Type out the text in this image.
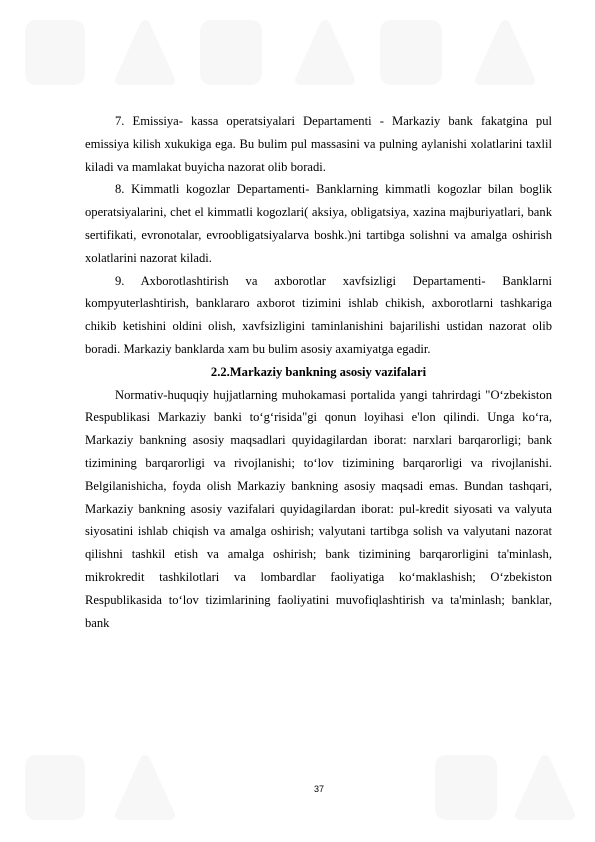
7. Emissiya- kassa operatsiyalari Departamenti - Markaziy bank fakatgina pul emissiya kilish xukukiga ega. Bu bulim pul massasini va pulning aylanishi xolatlarini taxlil kiladi va mamlakat buyicha nazorat olib boradi.

8. Kimmatli kogozlar Departamenti- Banklarning kimmatli kogozlar bilan boglik operatsiyalarini, chet el kimmatli kogozlari( aksiya, obligatsiya, xazina majburiyatlari, bank sertifikati, evronotalar, evroobligatsiyalarva boshk.)ni tartibga solishni va amalga oshirish xolatlarini nazorat kiladi.

9. Axborotlashtirish va axborotlar xavfsizligi Departamenti- Banklarni kompyuterlashtirish, banklararo axborot tizimini ishlab chikish, axborotlarni tashkariga chikib ketishini oldini olish, xavfsizligini taminlanishini bajarilishi ustidan nazorat olib boradi. Markaziy banklarda xam bu bulim asosiy axamiyatga egadir.

2.2.Markaziy bankning asosiy vazifalari

Normativ-huquqiy hujjatlarning muhokamasi portalida yangi tahrirdagi "O‘zbekiston Respublikasi Markaziy banki to‘g‘risida"gi qonun loyihasi e'lon qilindi. Unga ko‘ra, Markaziy bankning asosiy maqsadlari quyidagilardan iborat: narxlari barqarorligi; bank tizimining barqarorligi va rivojlanishi; to‘lov tizimining barqarorligi va rivojlanishi. Belgilanishicha, foyda olish Markaziy bankning asosiy maqsadi emas. Bundan tashqari, Markaziy bankning asosiy vazifalari quyidagilardan iborat: pul-kredit siyosati va valyuta siyosatini ishlab chiqish va amalga oshirish; valyutani tartibga solish va valyutani nazorat qilishni tashkil etish va amalga oshirish; bank tizimining barqarorligini ta'minlash, mikrokredit tashkilotlari va lombardlar faoliyatiga ko‘maklashish; O‘zbekiston Respublikasida to‘lov tizimlarining faoliyatini muvofiqlashtirish va ta'minlash; banklar, bank

37
